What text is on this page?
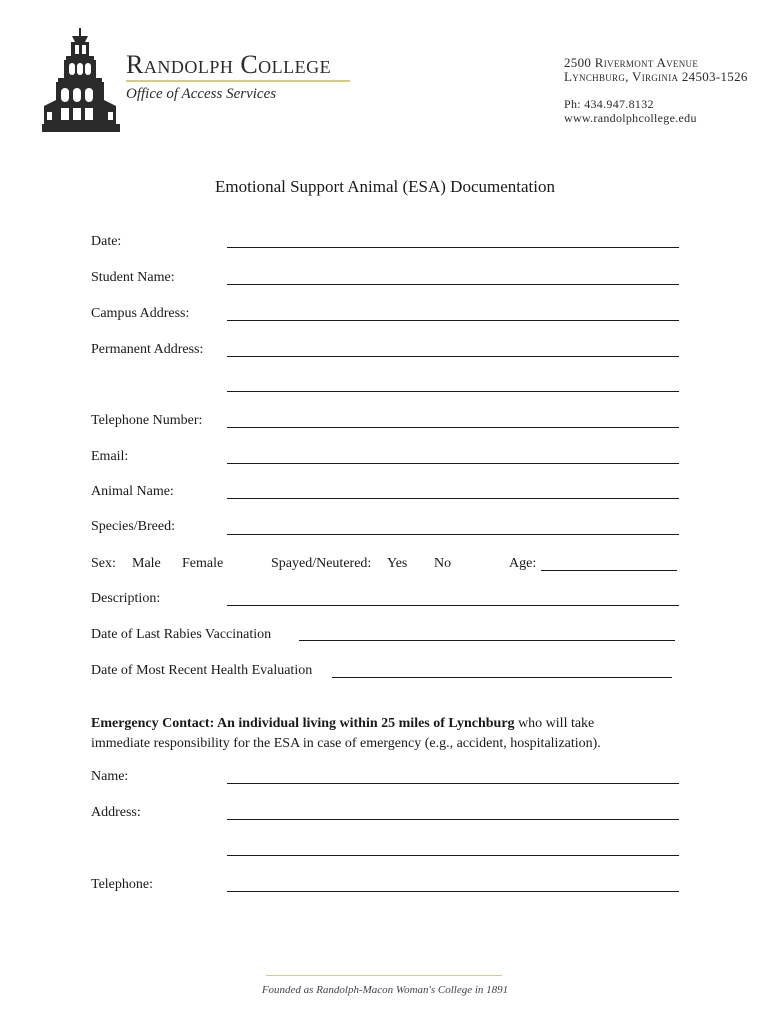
Randolph College
Office of Access Services
2500 Rivermont Avenue
Lynchburg, Virginia 24503-1526
Ph: 434.947.8132
www.randolphcollege.edu
Emotional Support Animal (ESA) Documentation
Date:
Student Name:
Campus Address:
Permanent Address:
Telephone Number:
Email:
Animal Name:
Species/Breed:
Sex: Male Female	Spayed/Neutered: Yes No	Age:
Description:
Date of Last Rabies Vaccination
Date of Most Recent Health Evaluation
Emergency Contact: An individual living within 25 miles of Lynchburg who will take
immediate responsibility for the ESA in case of emergency (e.g., accident, hospitalization).
Name:
Address:
Telephone:
Founded as Randolph-Macon Woman's College in 1891
